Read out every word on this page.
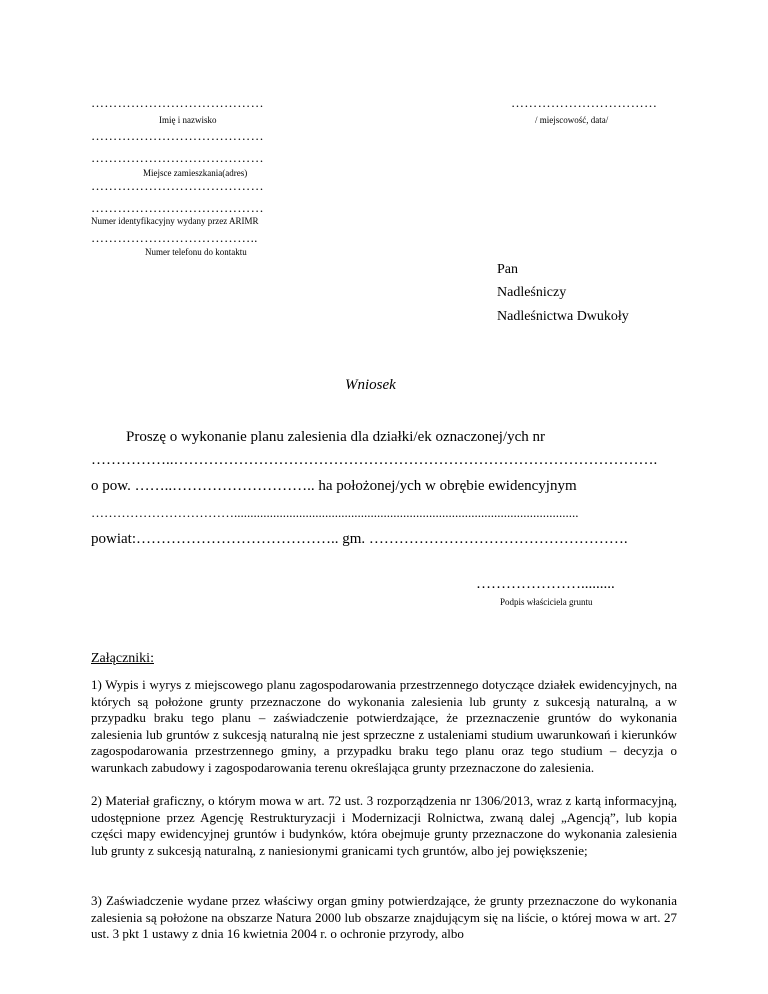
…………………………………
Imię i nazwisko
…………………………………
…………………………………
Miejsce zamieszkania(adres)
…………………………………
…………………………………
Numer identyfikacyjny wydany przez ARIMR
………………………………..
Numer telefonu do kontaktu
……………………………
/ miejscowość, data/
Pan
Nadleśniczy
Nadleśnictwa Dwukoły
Wniosek
Proszę o wykonanie planu zalesienia dla działki/ek oznaczonej/ych nr
……………..…………………………………………………………………………………….
o pow. ……..……………………….. ha położonej/ych w obrębie ewidencyjnym
……………………………..........................................................................................................
powiat:………………………………….. gm. …………………………………………….
………………….........
Podpis właściciela gruntu
Załączniki:
1) Wypis i wyrys z miejscowego planu zagospodarowania przestrzennego dotyczące działek ewidencyjnych, na których są położone grunty przeznaczone do wykonania zalesienia lub grunty z sukcesją naturalną, a w przypadku braku tego planu – zaświadczenie potwierdzające, że przeznaczenie gruntów do wykonania zalesienia lub gruntów z sukcesją naturalną nie jest sprzeczne z ustaleniami studium uwarunkowań i kierunków zagospodarowania przestrzennego gminy, a przypadku braku tego planu oraz tego studium – decyzja o warunkach zabudowy i zagospodarowania terenu określająca grunty przeznaczone do zalesienia.
2) Materiał graficzny, o którym mowa w art. 72 ust. 3 rozporządzenia nr 1306/2013, wraz z kartą informacyjną, udostępnione przez Agencję Restrukturyzacji i Modernizacji Rolnictwa, zwaną dalej „Agencją”, lub kopia części mapy ewidencyjnej gruntów i budynków, która obejmuje grunty przeznaczone do wykonania zalesienia lub grunty z sukcesją naturalną, z naniesionymi granicami tych gruntów, albo jej powiększenie;
3) Zaświadczenie wydane przez właściwy organ gminy potwierdzające, że grunty przeznaczone do wykonania zalesienia są położone na obszarze Natura 2000 lub obszarze znajdującym się na liście, o której mowa w art. 27 ust. 3 pkt 1 ustawy z dnia 16 kwietnia 2004 r. o ochronie przyrody, albo
